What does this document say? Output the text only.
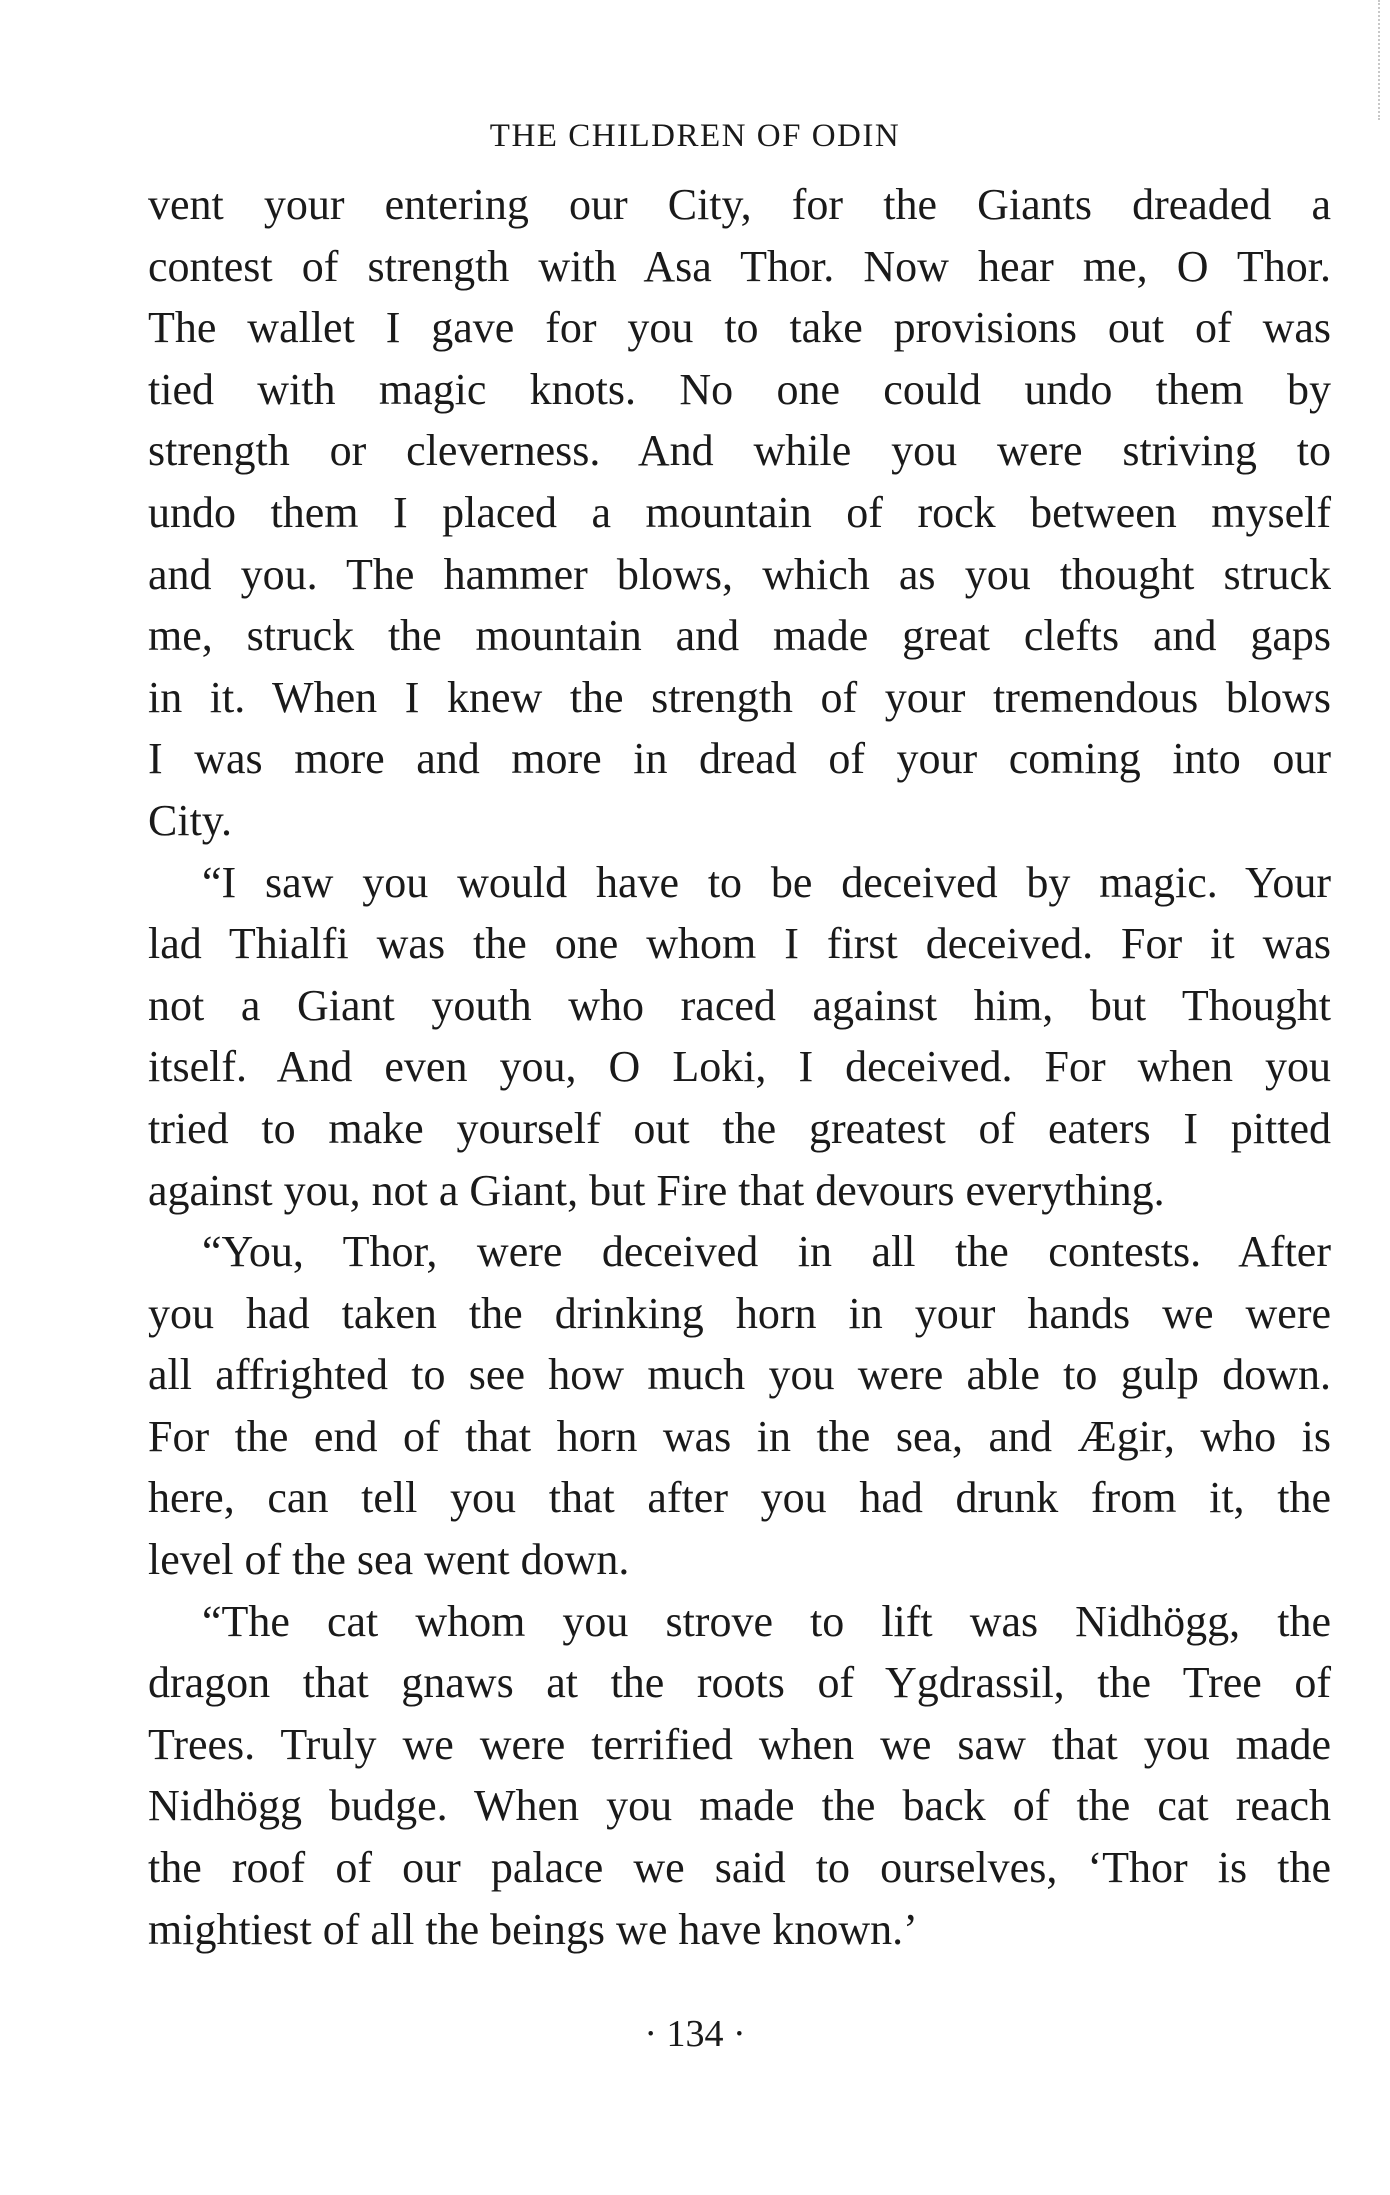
THE CHILDREN OF ODIN

vent your entering our City, for the Giants dreaded a
contest of strength with Asa Thor. Now hear me, O Thor.
The wallet I gave for you to take provisions out of was
tied with magic knots. No one could undo them by
strength or cleverness. And while you were striving to
undo them I placed a mountain of rock between myself
and you. The hammer blows, which as you thought struck
me, struck the mountain and made great clefts and gaps
in it. When I knew the strength of your tremendous blows
I was more and more in dread of your coming into our
City.

“I saw you would have to be deceived by magic. Your
lad Thialfi was the one whom I first deceived. For it was
not a Giant youth who raced against him, but Thought
itself. And even you, O Loki, I deceived. For when you
tried to make yourself out the greatest of eaters I pitted
against you, not a Giant, but Fire that devours everything.

“You, Thor, were deceived in all the contests. After
you had taken the drinking horn in your hands we were
all affrighted to see how much you were able to gulp down.
For the end of that horn was in the sea, and Ægir, who is
here, can tell you that after you had drunk from it, the
level of the sea went down.

“The cat whom you strove to lift was Nidhögg, the
dragon that gnaws at the roots of Ygdrassil, the Tree of
Trees. Truly we were terrified when we saw that you made
Nidhögg budge. When you made the back of the cat reach
the roof of our palace we said to ourselves, ‘Thor is the
mightiest of all the beings we have known.’

· 134 ·
